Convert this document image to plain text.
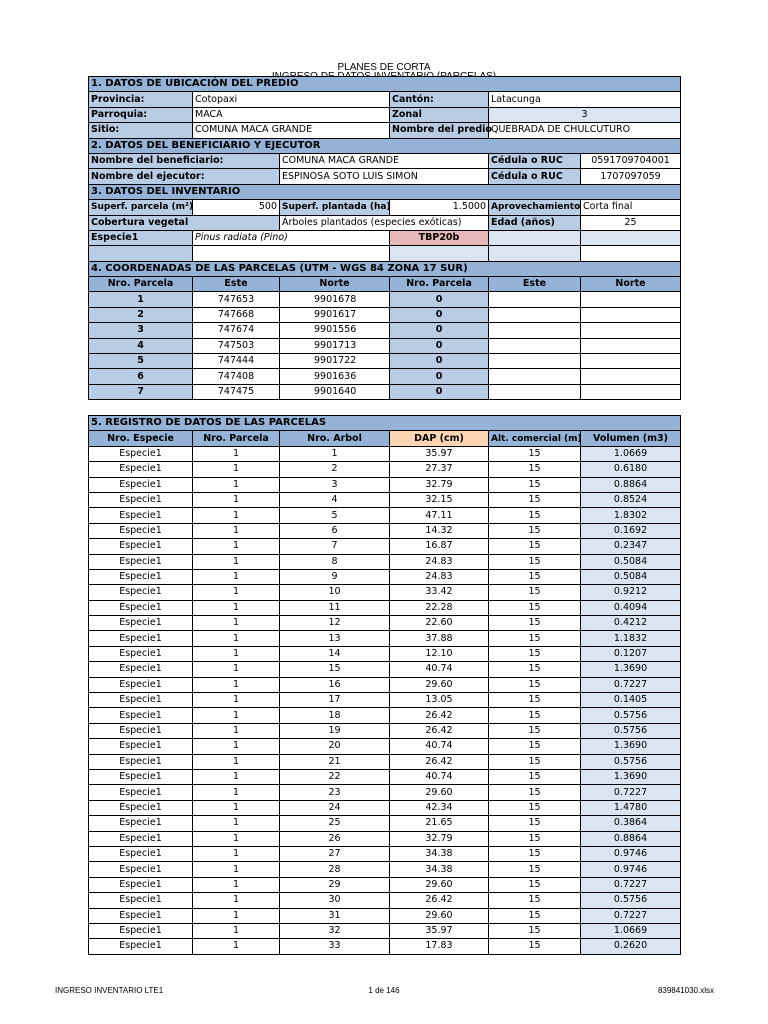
PLANES DE CORTA
1. DATOS DE UBICACIÓN DEL PREDIO					
Provincia:	Cotopaxi		Cantón:	Latacunga	
Parroquia:	MACA		Zonal	3	
Sitio:	COMUNA MACA GRANDE		Nombre del predio	QUEBRADA DE CHULCUTURO	
2. DATOS DEL BENEFICIARIO Y EJECUTOR					
Nombre del beneficiario:		COMUNA MACA GRANDE		Cédula o RUC	0591709704001
Nombre del ejecutor:		ESPINOSA SOTO LUIS SIMON		Cédula o RUC	1707097059
3. DATOS DEL INVENTARIO					
Superf. parcela (m²)	500	Superf. plantada (ha)	1.5000	Aprovechamiento	Corta final
Cobertura vegetal		Árboles plantados (especies exóticas)		Edad (años)	25
Especie1	Pinus radiata (Pino)		TBP20b		

4. COORDENADAS DE LAS PARCELAS (UTM - WGS 84 ZONA 17 SUR)					
Nro. Parcela	Este	Norte	Nro. Parcela	Este	Norte
1	747653	9901678	0		
2	747668	9901617	0		
3	747674	9901556	0		
4	747503	9901713	0		
5	747444	9901722	0		
6	747408	9901636	0		
7	747475	9901640	0		
5. REGISTRO DE DATOS DE LAS PARCELAS					
Nro. Especie	Nro. Parcela	Nro. Arbol	DAP (cm)	Alt. comercial (m)	Volumen (m3)
Especie1	1	1	35.97	15	1.0669
Especie1	1	2	27.37	15	0.6180
Especie1	1	3	32.79	15	0.8864
Especie1	1	4	32.15	15	0.8524
Especie1	1	5	47.11	15	1.8302
Especie1	1	6	14.32	15	0.1692
Especie1	1	7	16.87	15	0.2347
Especie1	1	8	24.83	15	0.5084
Especie1	1	9	24.83	15	0.5084
Especie1	1	10	33.42	15	0.9212
Especie1	1	11	22.28	15	0.4094
Especie1	1	12	22.60	15	0.4212
Especie1	1	13	37.88	15	1.1832
Especie1	1	14	12.10	15	0.1207
Especie1	1	15	40.74	15	1.3690
Especie1	1	16	29.60	15	0.7227
Especie1	1	17	13.05	15	0.1405
Especie1	1	18	26.42	15	0.5756
Especie1	1	19	26.42	15	0.5756
Especie1	1	20	40.74	15	1.3690
Especie1	1	21	26.42	15	0.5756
Especie1	1	22	40.74	15	1.3690
Especie1	1	23	29.60	15	0.7227
Especie1	1	24	42.34	15	1.4780
Especie1	1	25	21.65	15	0.3864
Especie1	1	26	32.79	15	0.8864
Especie1	1	27	34.38	15	0.9746
Especie1	1	28	34.38	15	0.9746
Especie1	1	29	29.60	15	0.7227
Especie1	1	30	26.42	15	0.5756
Especie1	1	31	29.60	15	0.7227
Especie1	1	32	35.97	15	1.0669
Especie1	1	33	17.83	15	0.2620
INGRESO INVENTARIO LTE1	1 de 146	839841030.xlsx
